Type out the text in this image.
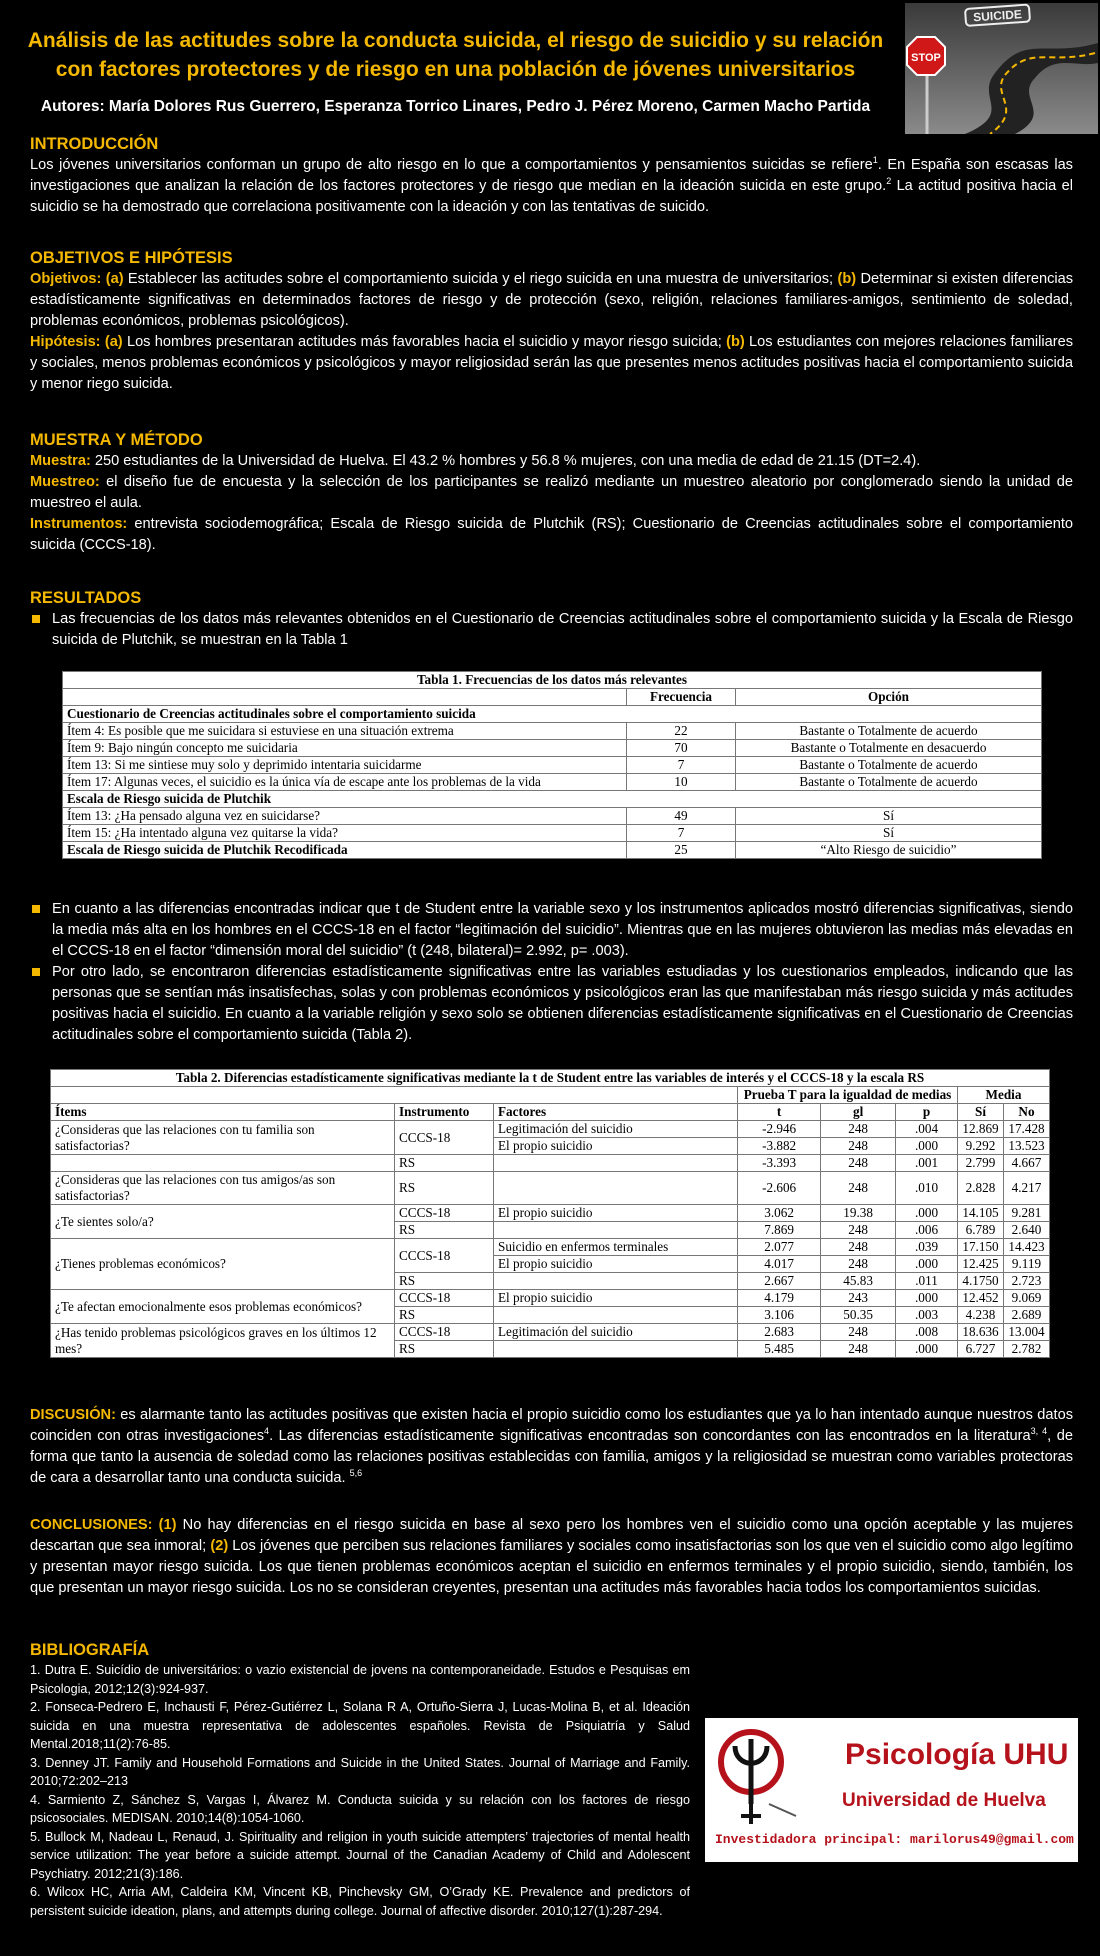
Análisis de las actitudes sobre la conducta suicida, el riesgo de suicidio y su relación con factores protectores y de riesgo en una población de jóvenes universitarios
Autores: María Dolores Rus Guerrero, Esperanza Torrico Linares, Pedro J. Pérez Moreno, Carmen Macho Partida
SUICIDE
STOP
INTRODUCCIÓN

Los jóvenes universitarios conforman un grupo de alto riesgo en lo que a comportamientos y pensamientos suicidas se refiere$^1$. En España son escasas las investigaciones que analizan la relación de los factores protectores y de riesgo que median en la ideación suicida en este grupo.$^2$ La actitud positiva hacia el suicidio se ha demostrado que correlaciona positivamente con la ideación y con las tentativas de suicido.

OBJETIVOS E HIPÓTESIS

Objetivos: (a) Establecer las actitudes sobre el comportamiento suicida y el riego suicida en una muestra de universitarios; (b) Determinar si existen diferencias estadísticamente significativas en determinados factores de riesgo y de protección (sexo, religión, relaciones familiares-amigos, sentimiento de soledad, problemas económicos, problemas psicológicos).

Hipótesis: (a) Los hombres presentaran actitudes más favorables hacia el suicidio y mayor riesgo suicida; (b) Los estudiantes con mejores relaciones familiares y sociales, menos problemas económicos y psicológicos y mayor religiosidad serán las que presentes menos actitudes positivas hacia el comportamiento suicida y menor riego suicida.

MUESTRA Y MÉTODO

Muestra: 250 estudiantes de la Universidad de Huelva. El 43.2 % hombres y 56.8 % mujeres, con una media de edad de 21.15 (DT=2.4).

Muestreo: el diseño fue de encuesta y la selección de los participantes se realizó mediante un muestreo aleatorio por conglomerado siendo la unidad de muestreo el aula.

Instrumentos: entrevista sociodemográfica; Escala de Riesgo suicida de Plutchik (RS); Cuestionario de Creencias actitudinales sobre el comportamiento suicida (CCCS-18).

RESULTADOS

Las frecuencias de los datos más relevantes obtenidos en el Cuestionario de Creencias actitudinales sobre el comportamiento suicida y la Escala de Riesgo suicida de Plutchik, se muestran en la Tabla 1

Tabla 1. Frecuencias de los datos más relevantes		
	Frecuencia	Opción
Cuestionario de Creencias actitudinales sobre el comportamiento suicida		
Ítem 4: Es posible que me suicidara si estuviese en una situación extrema	22	Bastante o Totalmente de acuerdo
Ítem 9: Bajo ningún concepto me suicidaria	70	Bastante o Totalmente en desacuerdo
Ítem 13: Si me sintiese muy solo y deprimido intentaria suicidarme	7	Bastante o Totalmente de acuerdo
Ítem 17: Algunas veces, el suicidio es la única vía de escape ante los problemas de la vida	10	Bastante o Totalmente de acuerdo
Escala de Riesgo suicida de Plutchik		
Ítem 13: ¿Ha pensado alguna vez en suicidarse?	49	Sí
Ítem 15: ¿Ha intentado alguna vez quitarse la vida?	7	Sí
Escala de Riesgo suicida de Plutchik Recodificada	25	“Alto Riesgo de suicidio”

En cuanto a las diferencias encontradas indicar que t de Student entre la variable sexo y los instrumentos aplicados mostró diferencias significativas, siendo la media más alta en los hombres en el CCCS-18 en el factor “legitimación del suicidio”. Mientras que en las mujeres obtuvieron las medias más elevadas en el CCCS-18 en el factor “dimensión moral del suicidio” (t (248, bilateral)= 2.992, p= .003).

Por otro lado, se encontraron diferencias estadísticamente significativas entre las variables estudiadas y los cuestionarios empleados, indicando que las personas que se sentían más insatisfechas, solas y con problemas económicos y psicológicos eran las que manifestaban más riesgo suicida y más actitudes positivas hacia el suicidio. En cuanto a la variable religión y sexo solo se obtienen diferencias estadísticamente significativas en el Cuestionario de Creencias actitudinales sobre el comportamiento suicida (Tabla 2).

Tabla 2. Diferencias estadísticamente significativas mediante la t de Student entre las variables de interés y el CCCS-18 y la escala RS							
			Prueba T para la igualdad de medias			Media	
Ítems	Instrumento	Factores	t	gl	p	Sí	No
¿Consideras que las relaciones con tu familia son satisfactorias?	CCCS-18	Legitimación del suicidio	-2.946	248	.004	12.869	17.428
		El propio suicidio	-3.882	248	.000	9.292	13.523
	RS		-3.393	248	.001	2.799	4.667
¿Consideras que las relaciones con tus amigos/as son satisfactorias?	RS		-2.606	248	.010	2.828	4.217
¿Te sientes solo/a?	CCCS-18	El propio suicidio	3.062	19.38	.000	14.105	9.281
	RS		7.869	248	.006	6.789	2.640
¿Tienes problemas económicos?	CCCS-18	Suicidio en enfermos terminales	2.077	248	.039	17.150	14.423
		El propio suicidio	4.017	248	.000	12.425	9.119
	RS		2.667	45.83	.011	4.1750	2.723
¿Te afectan emocionalmente esos problemas económicos?	CCCS-18	El propio suicidio	4.179	243	.000	12.452	9.069
	RS		3.106	50.35	.003	4.238	2.689
¿Has tenido problemas psicológicos graves en los últimos 12 mes?	CCCS-18	Legitimación del suicidio	2.683	248	.008	18.636	13.004
	RS		5.485	248	.000	6.727	2.782

DISCUSIÓN: es alarmante tanto las actitudes positivas que existen hacia el propio suicidio como los estudiantes que ya lo han intentado aunque nuestros datos coinciden con otras investigaciones$^4$. Las diferencias estadísticamente significativas encontradas son concordantes con las encontrados en la literatura$^{3, 4}$, de forma que tanto la ausencia de soledad como las relaciones positivas establecidas con familia, amigos y la religiosidad se muestran como variables protectoras de cara a desarrollar tanto una conducta suicida. $^{5,6}$

CONCLUSIONES: (1) No hay diferencias en el riesgo suicida en base al sexo pero los hombres ven el suicidio como una opción aceptable y las mujeres descartan que sea inmoral; (2) Los jóvenes que perciben sus relaciones familiares y sociales como insatisfactorias son los que ven el suicidio como algo legítimo y presentan mayor riesgo suicida. Los que tienen problemas económicos aceptan el suicidio en enfermos terminales y el propio suicidio, siendo, también, los que presentan un mayor riesgo suicida. Los no se consideran creyentes, presentan una actitudes más favorables hacia todos los comportamientos suicidas.

BIBLIOGRAFÍA

1. Dutra E. Suicídio de universitários: o vazio existencial de jovens na contemporaneidade. Estudos e Pesquisas em Psicologia, 2012;12(3):924-937.

2. Fonseca-Pedrero E, Inchausti F, Pérez-Gutiérrez L, Solana R A, Ortuño-Sierra J, Lucas-Molina B, et al. Ideación suicida en una muestra representativa de adolescentes españoles. Revista de Psiquiatría y Salud Mental.2018;11(2):76-85.

3. Denney JT. Family and Household Formations and Suicide in the United States. Journal of Marriage and Family. 2010;72:202–213

4. Sarmiento Z, Sánchez S, Vargas I, Álvarez M. Conducta suicida y su relación con los factores de riesgo psicosociales. MEDISAN. 2010;14(8):1054-1060.

5. Bullock M, Nadeau L, Renaud, J. Spirituality and religion in youth suicide attempters’ trajectories of mental health service utilization: The year before a suicide attempt. Journal of the Canadian Academy of Child and Adolescent Psychiatry. 2012;21(3):186.

6. Wilcox HC, Arria AM, Caldeira KM, Vincent KB, Pinchevsky GM, O’Grady KE. Prevalence and predictors of persistent suicide ideation, plans, and attempts during college. Journal of affective disorder. 2010;127(1):287-294.

Psicología UHU
Universidad de Huelva
Investidadora principal: marilorus49@gmail.com
